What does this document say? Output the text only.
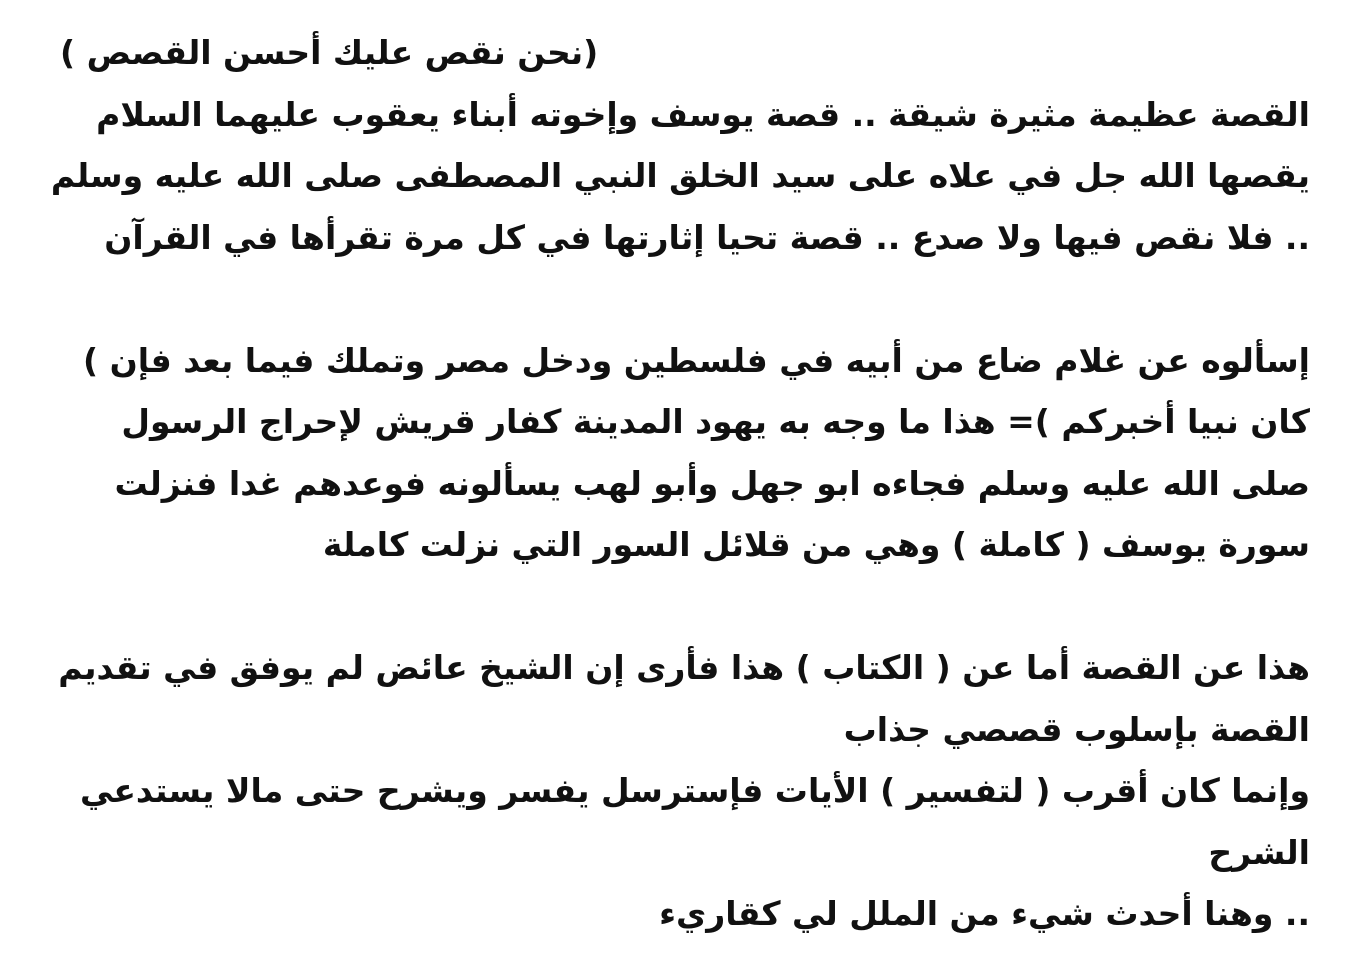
(نحن نقص عليك أحسن القصص )
القصة عظيمة مثيرة شيقة .. قصة يوسف وإخوته أبناء يعقوب عليهما السلام
يقصها الله جل في علاه على سيد الخلق النبي المصطفى صلى الله عليه وسلم
.. فلا نقص فيها ولا صدع .. قصة تحيا إثارتها في كل مرة تقرأها في القرآن
إسألوه عن غلام ضاع من أبيه في فلسطين ودخل مصر وتملك فيما بعد فإن )
كان نبيا أخبركم )= هذا ما وجه به يهود المدينة كفار قريش لإحراج الرسول
صلى الله عليه وسلم فجاءه ابو جهل وأبو لهب يسألونه فوعدهم غدا فنزلت
سورة يوسف ( كاملة ) وهي من قلائل السور التي نزلت كاملة
هذا عن القصة أما عن ( الكتاب ) هذا فأرى إن الشيخ عائض لم يوفق في تقديم
القصة بإسلوب قصصي جذاب
وإنما كان أقرب ( لتفسير ) الأيات فإسترسل يفسر ويشرح حتى مالا يستدعي
الشرح
.. وهنا أحدث شيء من الملل لي كقاريء
